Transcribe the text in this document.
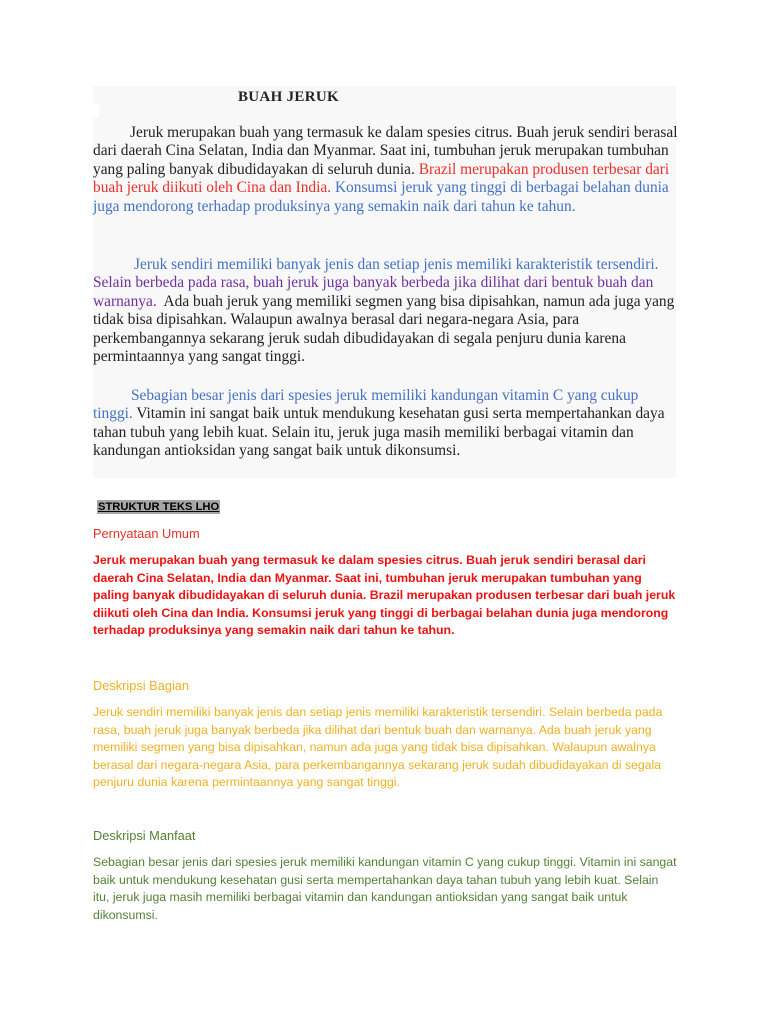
BUAH JERUK

Jeruk merupakan buah yang termasuk ke dalam spesies citrus. Buah jeruk sendiri berasal dari daerah Cina Selatan, India dan Myanmar. Saat ini, tumbuhan jeruk merupakan tumbuhan yang paling banyak dibudidayakan di seluruh dunia. Brazil merupakan produsen terbesar dari buah jeruk diikuti oleh Cina dan India. Konsumsi jeruk yang tinggi di berbagai belahan dunia juga mendorong terhadap produksinya yang semakin naik dari tahun ke tahun.

Jeruk sendiri memiliki banyak jenis dan setiap jenis memiliki karakteristik tersendiri. Selain berbeda pada rasa, buah jeruk juga banyak berbeda jika dilihat dari bentuk buah dan warnanya. Ada buah jeruk yang memiliki segmen yang bisa dipisahkan, namun ada juga yang tidak bisa dipisahkan. Walaupun awalnya berasal dari negara-negara Asia, para perkembangannya sekarang jeruk sudah dibudidayakan di segala penjuru dunia karena permintaannya yang sangat tinggi.

Sebagian besar jenis dari spesies jeruk memiliki kandungan vitamin C yang cukup tinggi. Vitamin ini sangat baik untuk mendukung kesehatan gusi serta mempertahankan daya tahan tubuh yang lebih kuat. Selain itu, jeruk juga masih memiliki berbagai vitamin dan kandungan antioksidan yang sangat baik untuk dikonsumsi.

STRUKTUR TEKS LHO
Pernyataan Umum

Jeruk merupakan buah yang termasuk ke dalam spesies citrus. Buah jeruk sendiri berasal dari daerah Cina Selatan, India dan Myanmar. Saat ini, tumbuhan jeruk merupakan tumbuhan yang paling banyak dibudidayakan di seluruh dunia. Brazil merupakan produsen terbesar dari buah jeruk diikuti oleh Cina dan India. Konsumsi jeruk yang tinggi di berbagai belahan dunia juga mendorong terhadap produksinya yang semakin naik dari tahun ke tahun.

Deskripsi Bagian

Jeruk sendiri memiliki banyak jenis dan setiap jenis memiliki karakteristik tersendiri. Selain berbeda pada rasa, buah jeruk juga banyak berbeda jika dilihat dari bentuk buah dan warnanya. Ada buah jeruk yang memiliki segmen yang bisa dipisahkan, namun ada juga yang tidak bisa dipisahkan. Walaupun awalnya berasal dari negara-negara Asia, para perkembangannya sekarang jeruk sudah dibudidayakan di segala penjuru dunia karena permintaannya yang sangat tinggi.

Deskripsi Manfaat

Sebagian besar jenis dari spesies jeruk memiliki kandungan vitamin C yang cukup tinggi. Vitamin ini sangat baik untuk mendukung kesehatan gusi serta mempertahankan daya tahan tubuh yang lebih kuat. Selain itu, jeruk juga masih memiliki berbagai vitamin dan kandungan antioksidan yang sangat baik untuk dikonsumsi.
